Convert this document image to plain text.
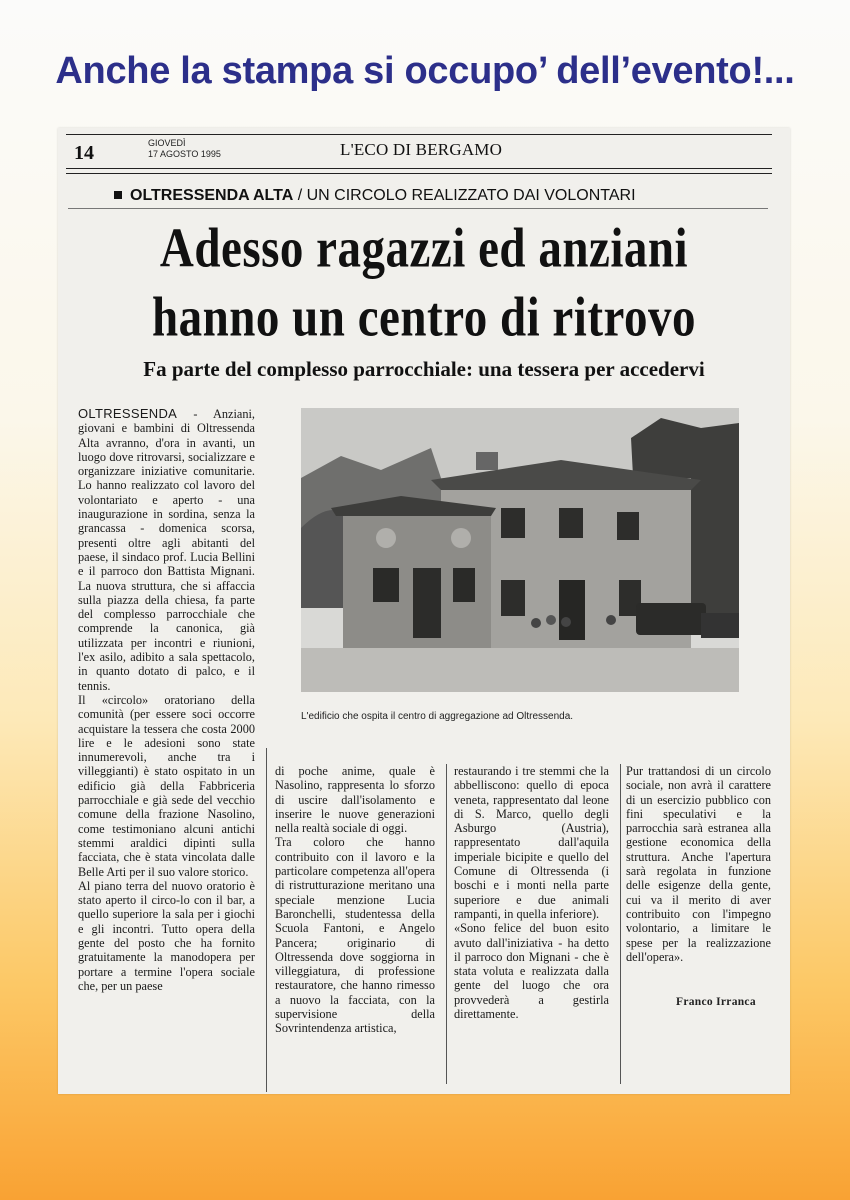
Anche la stampa si occupo’ dell’evento!...
14	GIOVEDÌ
17 AGOSTO 1995	L'ECO DI BERGAMO
OLTRESSENDA ALTA / UN CIRCOLO REALIZZATO DAI VOLONTARI
Adesso ragazzi ed anziani
hanno un centro di ritrovo
Fa parte del complesso parrocchiale: una tessera per accedervi
OLTRESSENDA - Anziani, giovani e bambini di Oltressenda Alta avranno, d'ora in avanti, un luogo dove ritrovarsi, socializzare e organizzare iniziative comunitarie. Lo hanno realizzato col lavoro del volontariato e aperto - una inaugurazione in sordina, senza la grancassa - domenica scorsa, presenti oltre agli abitanti del paese, il sindaco prof. Lucia Bellini e il parroco don Battista Mignani. La nuova struttura, che si affaccia sulla piazza della chiesa, fa parte del complesso parrocchiale che comprende la canonica, già utilizzata per incontri e riunioni, l'ex asilo, adibito a sala spettacolo, in quanto dotato di palco, e il tennis.
Il «circolo» oratoriano della comunità (per essere soci occorre acquistare la tessera che costa 2000 lire e le adesioni sono state innumerevoli, anche tra i villeggianti) è stato ospitato in un edificio già della Fabbriceria parrocchiale e già sede del vecchio comune della frazione Nasolino, come testimoniano alcuni antichi stemmi araldici dipinti sulla facciata, che è stata vincolata dalle Belle Arti per il suo valore storico.
Al piano terra del nuovo oratorio è stato aperto il circo-lo con il bar, a quello superiore la sala per i giochi e gli incontri. Tutto opera della gente del posto che ha fornito gratuitamente la manodopera per portare a termine l'opera sociale che, per un paese
L'edificio che ospita il centro di aggregazione ad Oltressenda.
di poche anime, quale è Nasolino, rappresenta lo sforzo di uscire dall'isolamento e inserire le nuove generazioni nella realtà sociale di oggi.
Tra coloro che hanno contribuito con il lavoro e la particolare competenza all'opera di ristrutturazione meritano una speciale menzione Lucia Baronchelli, studentessa della Scuola Fantoni, e Angelo Pancera; originario di Oltressenda dove soggiorna in villeggiatura, di professione restauratore, che hanno rimesso a nuovo la facciata, con la supervisione della Sovrintendenza artistica,
restaurando i tre stemmi che la abbelliscono: quello di epoca veneta, rappresentato dal leone di S. Marco, quello degli Asburgo (Austria), rappresentato dall'aquila imperiale bicipite e quello del Comune di Oltressenda (i boschi e i monti nella parte superiore e due animali rampanti, in quella inferiore).
«Sono felice del buon esito avuto dall'iniziativa - ha detto il parroco don Mignani - che è stata voluta e realizzata dalla gente del luogo che ora provvederà a gestirla direttamente.
Pur trattandosi di un circolo sociale, non avrà il carattere di un esercizio pubblico con fini speculativi e la parrocchia sarà estranea alla gestione economica della struttura. Anche l'apertura sarà regolata in funzione delle esigenze della gente, cui va il merito di aver contribuito con l'impegno volontario, a limitare le spese per la realizzazione dell'opera».
Franco Irranca
